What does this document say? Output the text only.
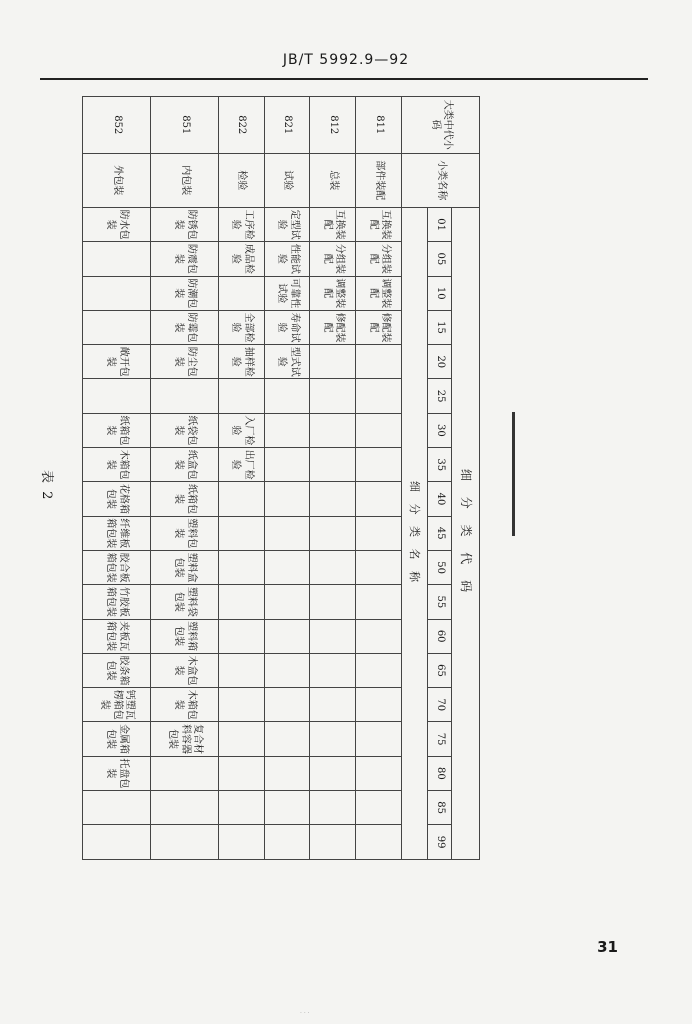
JB/T 5992.9—92
表 2
大类中代小码	小类名称	细 分 类 代 码																		
		01	05	10	15	20	25	30	35	40	45	50	55	60	65	70	75	80	85	99
		细 分 类 名 称																		
811	部件装配	互换装配	分组装配	调整装配	修配装配															
812	总装	互换装配	分组装配	调整装配	修配装配															
821	试验	定型试验	性能试验	可靠性试验	寿命试验	型式试验														
822	检验	工序检验	成品检验		全部检验	抽样检验		入厂检验	出厂检验											
851	内包装	防锈包装	防震包装	防潮包装	防霉包装	防尘包装		纸袋包装	纸盒包装	纸箱包装	塑料包装	塑料盒包装	塑料袋包装	塑料箱包装	木盒包装	木箱包装	复合材料容器包装			
852	外包装	防水包装				敞开包装		纸箱包装	木箱包装	花格箱包装	纤维板箱包装	胶合板箱包装	竹胶板箱包装	夹板瓦箱包装	胶条箱包装	钙塑瓦楞箱包装	金属箱包装	托盘包装		
31
· · ·
